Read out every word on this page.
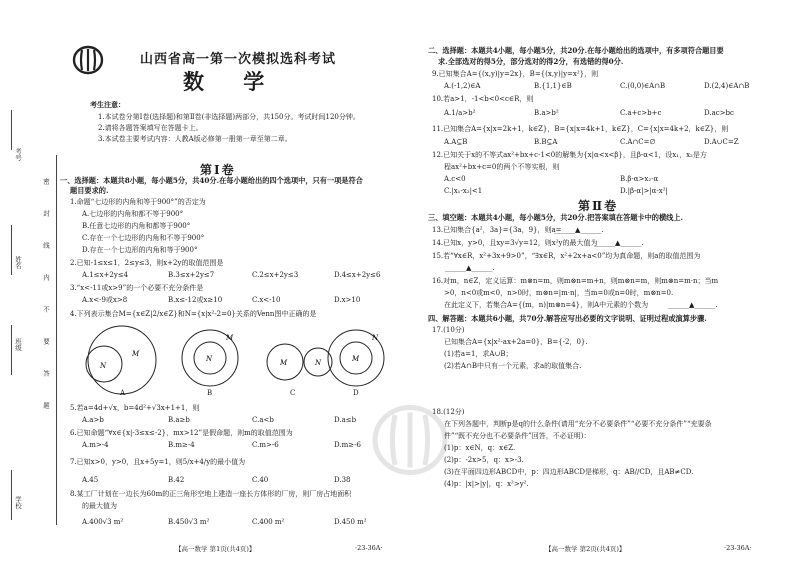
山西省高一第一次模拟选科考试
数 学
考生注意：
1.本试卷分第Ⅰ卷(选择题)和第Ⅱ卷(非选择题)两部分，共150分。考试时间120分钟。
2.请将各题答案填写在答题卡上。
3.本试卷主要考试内容：人教A版必修第一册第一章至第二章。
考号
姓名
班级
学校
密
封
线
内
不
要
答
题
第Ⅰ卷
一、选择题：本题共8小题，每小题5分，共40分.在每小题给出的四个选项中，只有一项是符合
题目要求的.
1.命题“七边形的内角和等于900°”的否定为
A.七边形的内角和都不等于900°
B.任意七边形的内角和都等于900°
C.存在一个七边形的内角和不等于900°
D.存在一个七边形的内角和等于900°
2.已知-1≤x≤1，2≤y≤3，则x+2y的取值范围是
A.1≤x+2y≤4	B.3≤x+2y≤7	C.2≤x+2y≤3	D.4≤x+2y≤6
3.“x<-11或x>9”的一个必要不充分条件是
A.x<-9或x>8	B.x≤-12或x≥10	C.x<-10	D.x>10
4.下列表示集合M={x∈Z|2/x∈Z}和N={x|x²-2=0}关系的Venn图中正确的是
N
M
N
M
M	N	M
N
A	B	C	D
5.若a=4d+√x，b=4d²+√3x+1+1，则
A.a>b	B.a≥b	C.a<b	D.a≤b
6.已知命题“∀x∈{x|-3≤x≤-2}，mx>12”是假命题，则m的取值范围为
A.m>-4	B.m≥-4	C.m>-6	D.m≥-6
7.已知x>0，y>0，且x+5y=1，则5/x+4/y的最小值为
A.45	B.42	C.40	D.38
8.某工厂计划在一边长为60m的正三角形空地上建造一座长方体形的厂房，则厂房占地面积
的最大值为
A.400√3 m²	B.450√3 m²	C.400 m²	D.450 m²
【高一数学 第1页(共4页)】	·23-36A·
二、选择题：本题共4小题，每小题5分，共20分.在每小题给出的选项中，有多项符合题目要
求.全部选对的得5分，部分选对的得2分，有选错的得0分.
9.已知集合A={(x,y)|y=2x}，B={(x,y)|y=x²}，则
A.(-1,2)∈A	B.{1,1}∈B	C.(0,0)∈A∩B	D.(2,4)∈A∩B
10.若a>1，-1<b<0<c∈R，则
A.1/a>b²	B.a>b²	C.a+c>b+c	D.ac>bc
11.已知集合A={x|x=2k+1，k∈Z}，B={x|x=4k+1，k∈Z}，C={x|x=4k+2，k∈Z}，则
A.A⊆B	B.B⊆A	C.A∩C=∅	D.A∪C=Z
12.已知关于x的不等式ax²+bx+c-1<0的解集为{x|α<x<β}，且β-α<1，设x₁，x₂是方
程ax²+bx+c=0的两个不等实根，则
A.c<0	B.β-α>x₂-α
C.|x₁-x₂|<1	D.|β-α|>|α-x²|
第Ⅱ卷
三、填空题：本题共4小题，每小题5分，共20分.把答案填在答题卡中的横线上.
13.已知集合{a²，3a}={3a，9}，则a=
______▲______.
14.已知x，y>0，且xy=3√y=12，则x²y的最大值为
______▲______.
15.若“∀x∈R，x²+3x+9>0”，“∃x∈R，x²+2x+a<0”均为真命题，则a的取值范围为
______▲______.
16.对m，n∈Z，定义运算：m⊗n=m，则m⊗n=m+n，则m⊗n=m，则m⊗n=m·n；当m
>0，n<0或m<0，n>0时，m⊗n=|m·n|，当m=0或n=0时，m⊗n=0.
在此定义下，若集合A={(m，n)|m⊗n=4}，则A中元素的个数为	______▲______.
四、解答题：本题共6小题，共70分.解答应写出必要的文字说明、证明过程或演算步骤.
17.(10分)
已知集合A={x|x²-ax+2a=0}，B={-2，0}.
(1)若a=1，求A∪B；
(2)若A∩B中只有一个元素，求a的取值集合.
18.(12分)
在下列各题中，判断p是q的什么条件(请用“充分不必要条件”“必要不充分条件”“充要条
件”“既不充分也不必要条件”回答，不必证明)：
(1)p：x∈N，q：x∈Z.
(2)p：-2x>5，q：x>-3.
(3)在平面四边形ABCD中，p：四边形ABCD是梯形，q：AB//CD，且AB≠CD.
(4)p：|x|>|y|，q：x²>y².
【高一数学 第2页(共4页)】	·23-36A·
